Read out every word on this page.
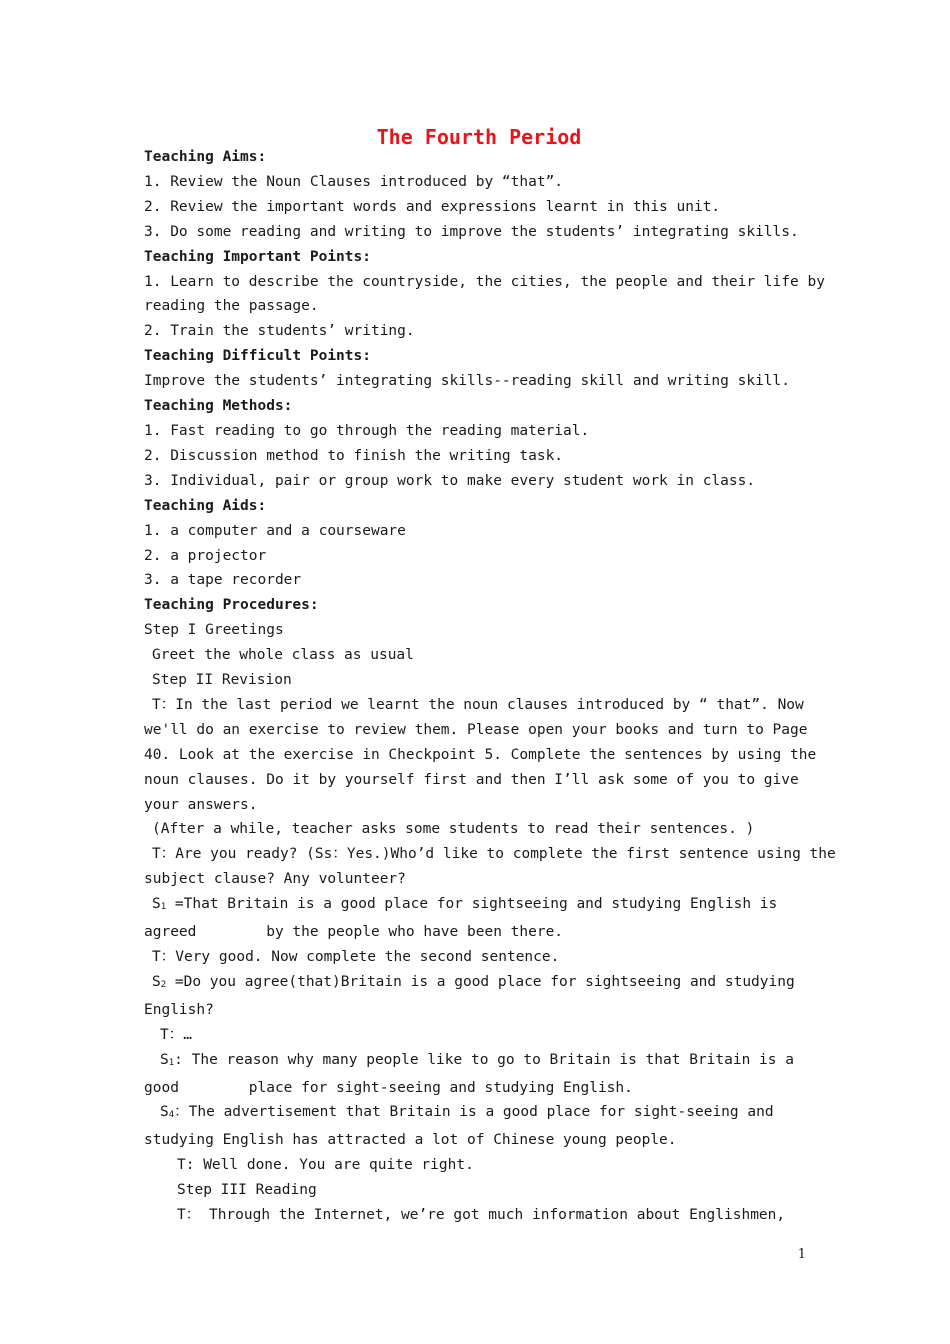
The Fourth Period
Teaching Aims:
1. Review the Noun Clauses introduced by “that”.
2. Review the important words and expressions learnt in this unit.
3. Do some reading and writing to improve the students’ integrating skills.
Teaching Important Points:
1. Learn to describe the countryside, the cities, the people and their life by
reading the passage.
2. Train the students’ writing.
Teaching Difficult Points:
Improve the students’ integrating skills--reading skill and writing skill.
Teaching Methods:
1. Fast reading to go through the reading material.
2. Discussion method to finish the writing task.
3. Individual, pair or group work to make every student work in class.
Teaching Aids:
1. a computer and a courseware
2. a projector
3. a tape recorder
Teaching Procedures:
Step I Greetings
Greet the whole class as usual
Step II Revision
T：In the last period we learnt the noun clauses introduced by “ that”. Now
we'll do an exercise to review them. Please open your books and turn to Page
40. Look at the exercise in Checkpoint 5. Complete the sentences by using the
noun clauses. Do it by yourself first and then I’ll ask some of you to give
your answers.
(After a while, teacher asks some students to read their sentences. )
T：Are you ready? (Ss：Yes.)Who’d like to complete the first sentence using the
subject clause? Any volunteer?
$S_1$ =That Britain is a good place for sightseeing and studying English is
agreed        by the people who have been there.
T：Very good. Now complete the second sentence.
$S_2 =Do$ you agree(that)Britain is a good place for sightseeing and studying
English?
T：…
$S_1$: The reason why many people like to go to Britain is that Britain is a
good        place for sight-seeing and studying English.
$S_4$：The advertisement that Britain is a good place for sight-seeing and
studying English has attracted a lot of Chinese young people.
T: Well done. You are quite right.
Step III Reading
T： Through the Internet, we’re got much information about Englishmen,
1
